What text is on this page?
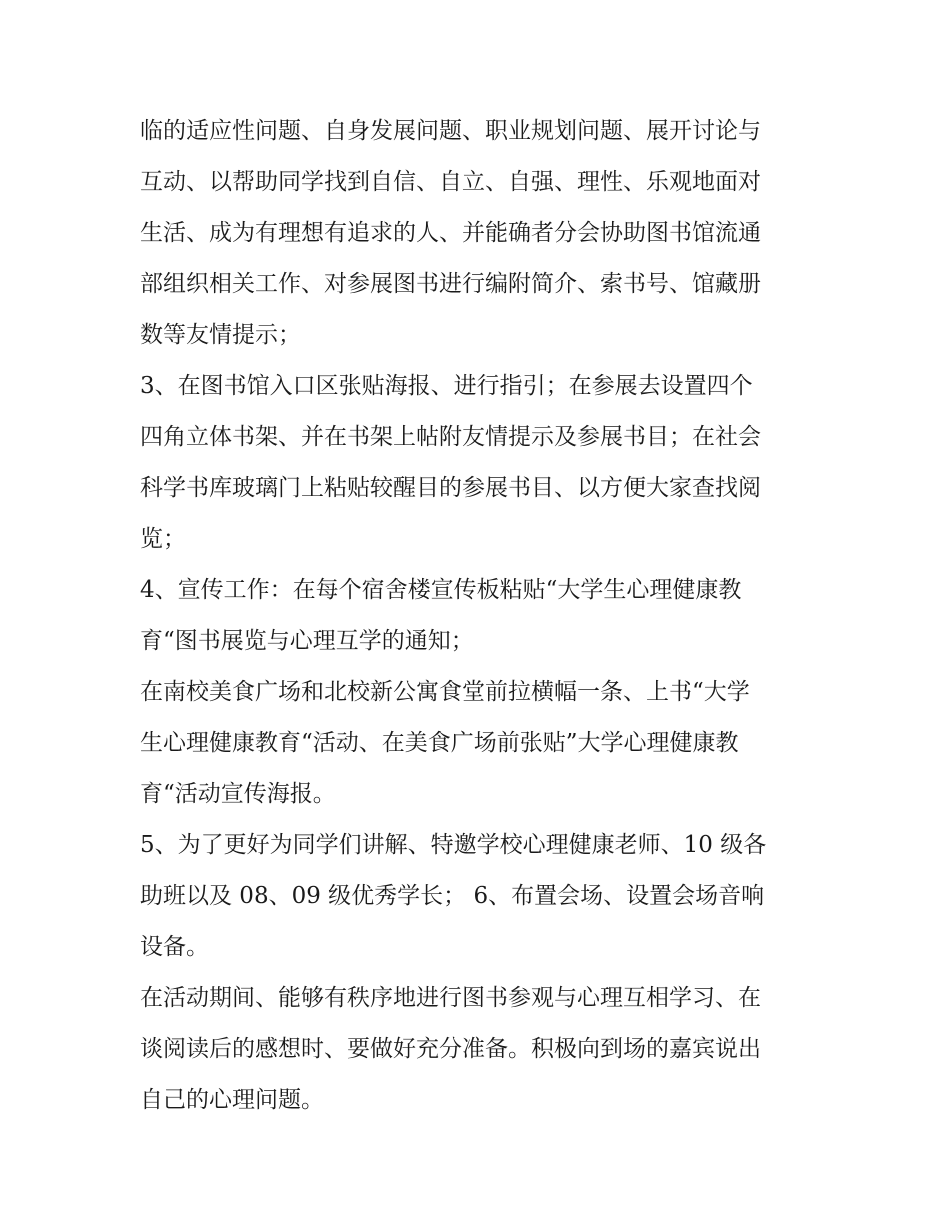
临的适应性问题、自身发展问题、职业规划问题、展开讨论与
互动、以帮助同学找到自信、自立、自强、理性、乐观地面对
生活、成为有理想有追求的人、并能确者分会协助图书馆流通
部组织相关工作、对参展图书进行编附简介、索书号、馆藏册
数等友情提示；
3、在图书馆入口区张贴海报、进行指引；在参展去设置四个
四角立体书架、并在书架上帖附友情提示及参展书目；在社会
科学书库玻璃门上粘贴较醒目的参展书目、以方便大家查找阅
览；
4、宣传工作：在每个宿舍楼宣传板粘贴“大学生心理健康教
育“图书展览与心理互学的通知；
在南校美食广场和北校新公寓食堂前拉横幅一条、上书“大学
生心理健康教育“活动、在美食广场前张贴”大学心理健康教
育“活动宣传海报。
5、为了更好为同学们讲解、特邀学校心理健康老师、10 级各
助班以及 08、09 级优秀学长； 6、布置会场、设置会场音响
设备。
在活动期间、能够有秩序地进行图书参观与心理互相学习、在
谈阅读后的感想时、要做好充分准备。积极向到场的嘉宾说出
自己的心理问题。
